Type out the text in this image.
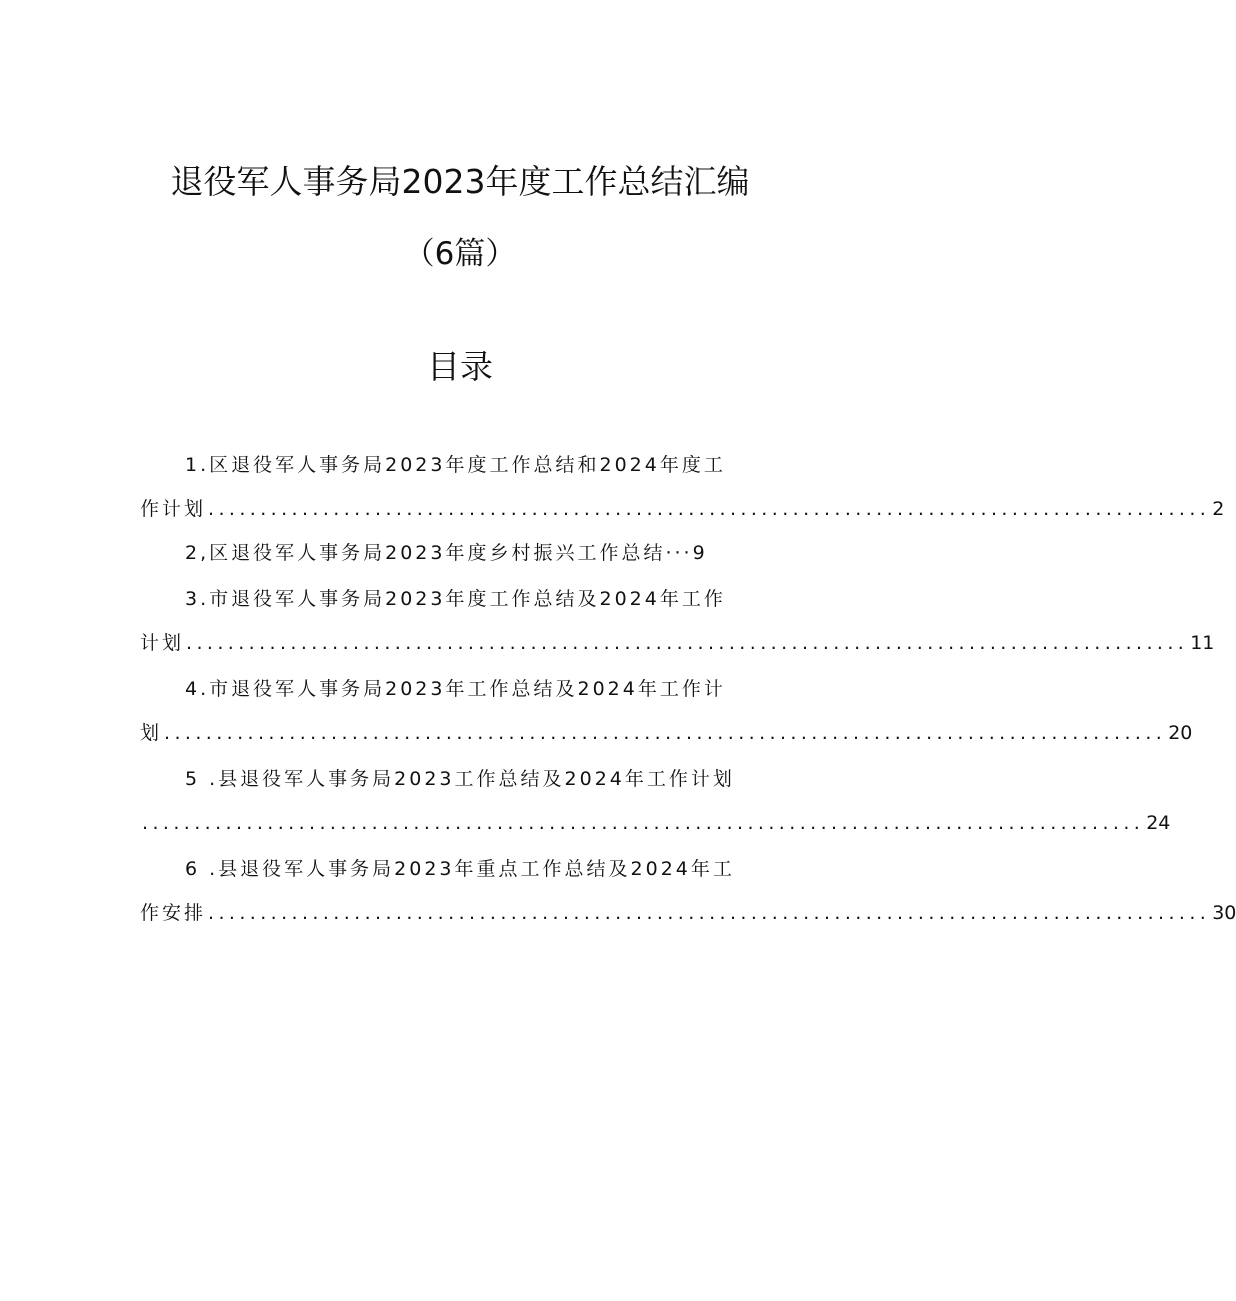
退役军人事务局2023年度工作总结汇编
（6篇）
目录
1.区退役军人事务局2023年度工作总结和2024年度工
作计划 ................................................................................................ 2
2,区退役军人事务局2023年度乡村振兴工作总结···9
3.市退役军人事务局2023年度工作总结及2024年工作
计划 ................................................................................................ 11
4.市退役军人事务局2023年工作总结及2024年工作计
划 ................................................................................................ 20
5 .县退役军人事务局2023工作总结及2024年工作计划
................................................................................................ 24
6 .县退役军人事务局2023年重点工作总结及2024年工
作安排 ................................................................................................ 30
